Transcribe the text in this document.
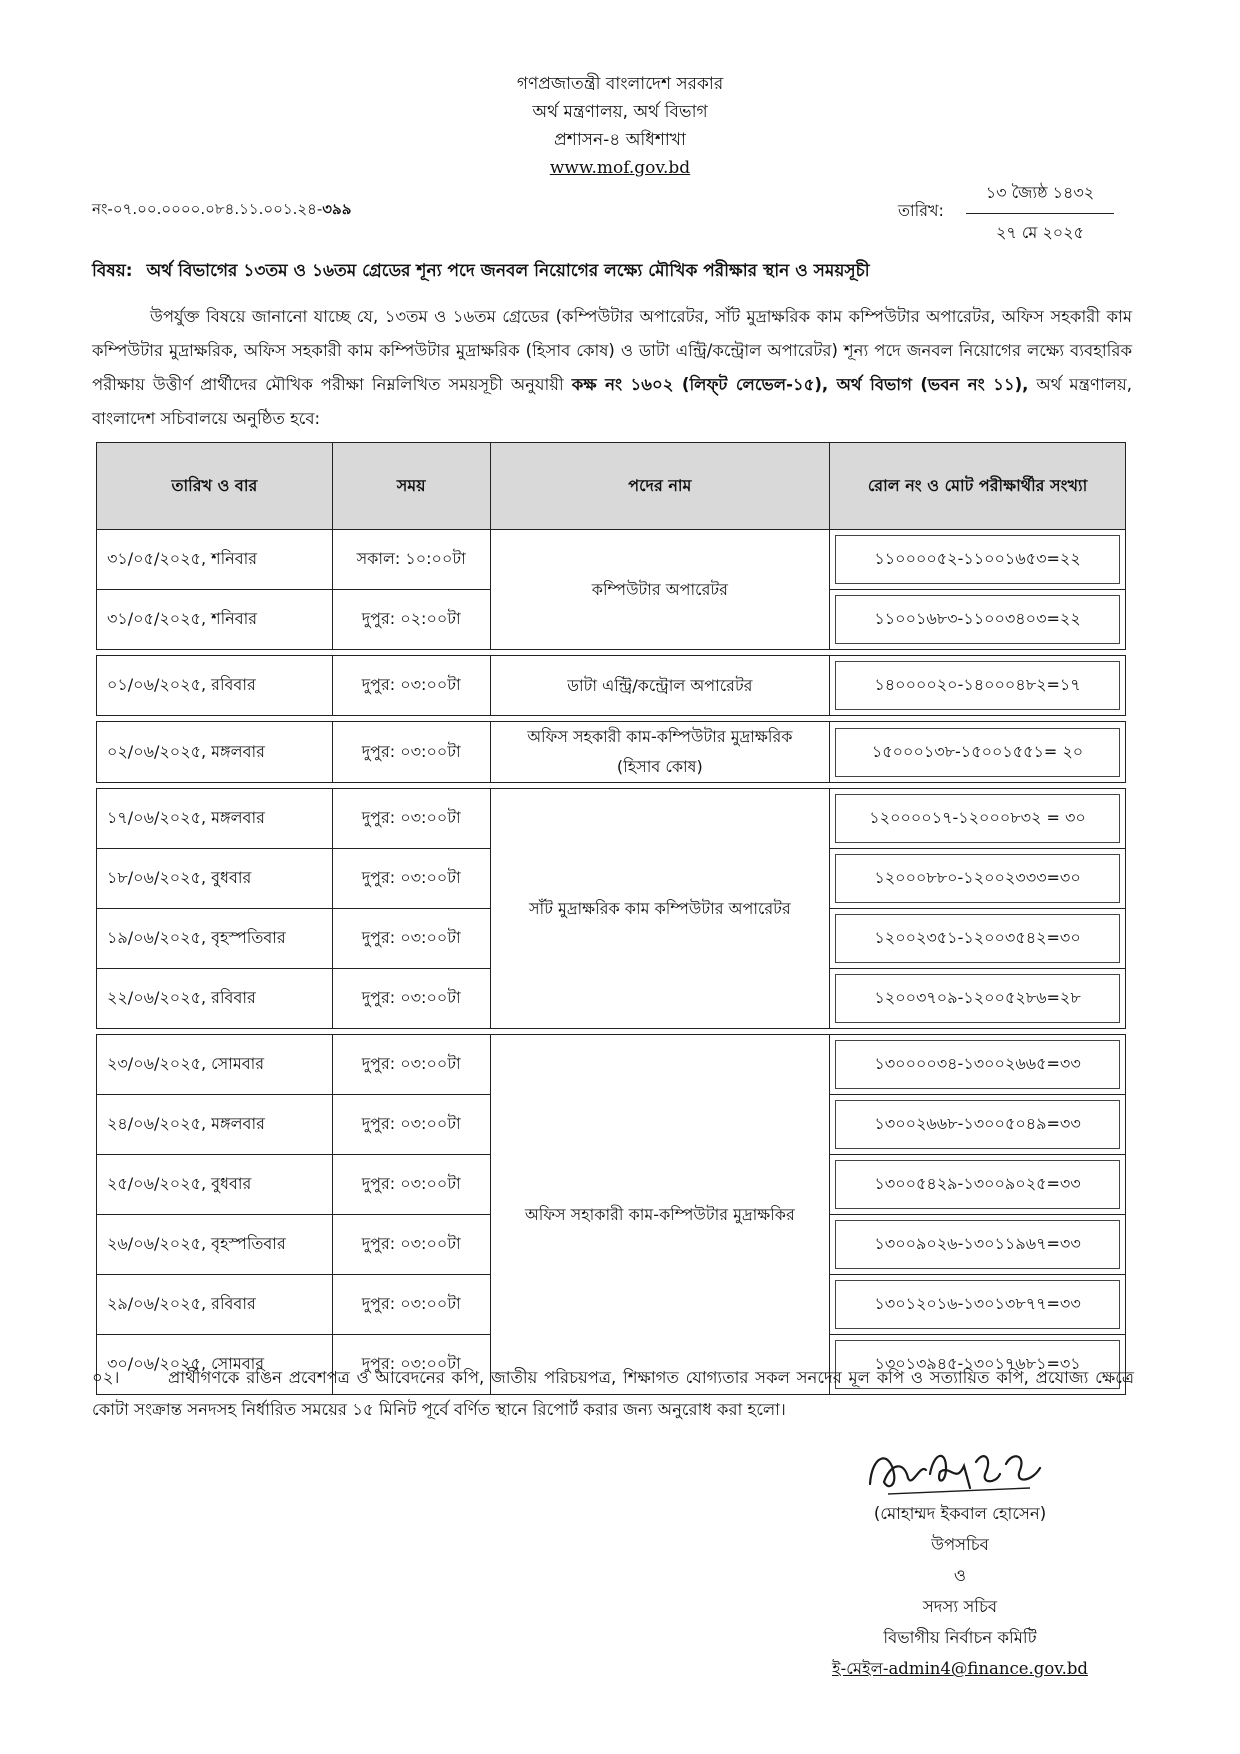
গণপ্রজাতন্ত্রী বাংলাদেশ সরকার
অর্থ মন্ত্রণালয়, অর্থ বিভাগ
প্রশাসন-৪ অধিশাখা
www.mof.gov.bd
নং-০৭.০০.০০০০.০৮৪.১১.০০১.২৪-৩৯৯	তারিখ:
১৩ জ্যৈষ্ঠ ১৪৩২
২৭ মে ২০২৫
বিষয়: অর্থ বিভাগের ১৩তম ও ১৬তম গ্রেডের শূন্য পদে জনবল নিয়োগের লক্ষ্যে মৌখিক পরীক্ষার স্থান ও সময়সূচী
উপর্যুক্ত বিষয়ে জানানো যাচ্ছে যে, ১৩তম ও ১৬তম গ্রেডের (কম্পিউটার অপারেটর, সাঁট মুদ্রাক্ষরিক কাম কম্পিউটার অপারেটর, অফিস সহকারী কাম কম্পিউটার মুদ্রাক্ষরিক, অফিস সহকারী কাম কম্পিউটার মুদ্রাক্ষরিক (হিসাব কোষ) ও ডাটা এন্ট্রি/কন্ট্রোল অপারেটর) শূন্য পদে জনবল নিয়োগের লক্ষ্যে ব্যবহারিক পরীক্ষায় উত্তীর্ণ প্রার্থীদের মৌখিক পরীক্ষা নিম্নলিখিত সময়সূচী অনুযায়ী কক্ষ নং ১৬০২ (লিফ্‌ট লেভেল-১৫), অর্থ বিভাগ (ভবন নং ১১), অর্থ মন্ত্রণালয়, বাংলাদেশ সচিবালয়ে অনুষ্ঠিত হবে:
তারিখ ও বার	সময়	পদের নাম	রোল নং ও মোট পরীক্ষার্থীর সংখ্যা
৩১/০৫/২০২৫, শনিবার	সকাল: ১০:০০টা	কম্পিউটার অপারেটর	১১০০০০৫২-১১০০১৬৫৩=২২

৩১/০৫/২০২৫, শনিবার	দুপুর: ০২:০০টা		১১০০১৬৮৩-১১০০৩৪০৩=২২

০১/০৬/২০২৫, রবিবার	দুপুর: ০৩:০০টা	ডাটা এন্ট্রি/কন্ট্রোল অপারেটর	১৪০০০০২০-১৪০০০৪৮২=১৭

০২/০৬/২০২৫, মঙ্গলবার	দুপুর: ০৩:০০টা	অফিস সহকারী কাম-কম্পিউটার মুদ্রাক্ষরিক (হিসাব কোষ)	১৫০০০১৩৮-১৫০০১৫৫১= ২০

১৭/০৬/২০২৫, মঙ্গলবার	দুপুর: ০৩:০০টা	সাঁট মুদ্রাক্ষরিক কাম কম্পিউটার অপারেটর	১২০০০০১৭-১২০০০৮৩২ = ৩০

১৮/০৬/২০২৫, বুধবার	দুপুর: ০৩:০০টা		১২০০০৮৮০-১২০০২৩৩৩=৩০

১৯/০৬/২০২৫, বৃহস্পতিবার	দুপুর: ০৩:০০টা		১২০০২৩৫১-১২০০৩৫৪২=৩০

২২/০৬/২০২৫, রবিবার	দুপুর: ০৩:০০টা		১২০০৩৭০৯-১২০০৫২৮৬=২৮

২৩/০৬/২০২৫, সোমবার	দুপুর: ০৩:০০টা	অফিস সহাকারী কাম-কম্পিউটার মুদ্রাক্ষকির	১৩০০০০৩৪-১৩০০২৬৬৫=৩৩

২৪/০৬/২০২৫, মঙ্গলবার	দুপুর: ০৩:০০টা		১৩০০২৬৬৮-১৩০০৫০৪৯=৩৩

২৫/০৬/২০২৫, বুধবার	দুপুর: ০৩:০০টা		১৩০০৫৪২৯-১৩০০৯০২৫=৩৩

২৬/০৬/২০২৫, বৃহস্পতিবার	দুপুর: ০৩:০০টা		১৩০০৯০২৬-১৩০১১৯৬৭=৩৩

২৯/০৬/২০২৫, রবিবার	দুপুর: ০৩:০০টা		১৩০১২০১৬-১৩০১৩৮৭৭=৩৩

৩০/০৬/২০২৫, সোমবার	দুপুর: ০৩:০০টা		১৩০১৩৯৪৫-১৩০১৭৬৮১=৩১
০২।	প্রার্থীগণকে রঙিন প্রবেশপত্র ও আবেদনের কপি, জাতীয় পরিচয়পত্র, শিক্ষাগত যোগ্যতার সকল সনদের মূল কপি ও সত্যায়িত কপি, প্রযোজ্য ক্ষেত্রে কোটা সংক্রান্ত সনদসহ নির্ধারিত সময়ের ১৫ মিনিট পূর্বে বর্ণিত স্থানে রিপোর্ট করার জন্য অনুরোধ করা হলো।
(মোহাম্মদ ইকবাল হোসেন)
উপসচিব
ও
সদস্য সচিব
বিভাগীয় নির্বাচন কমিটি
ই-মেইল-admin4@finance.gov.bd
